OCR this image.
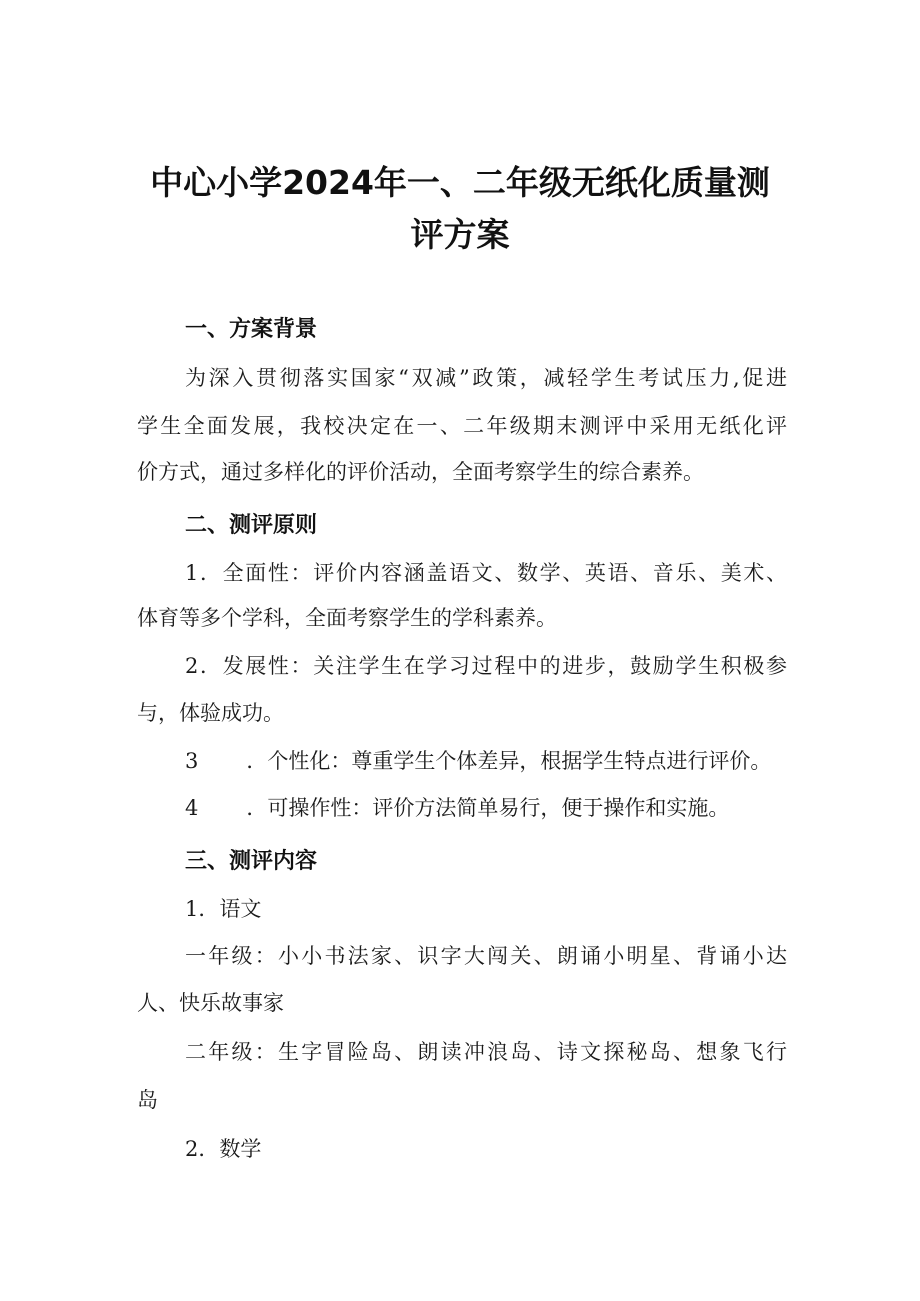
中心小学2024年一、二年级无纸化质量测
评方案
一、方案背景
为深入贯彻落实国家“双减”政策，减轻学生考试压力,促进
学生全面发展，我校决定在一、二年级期末测评中采用无纸化评
价方式，通过多样化的评价活动，全面考察学生的综合素养。
二、测评原则
1．全面性：评价内容涵盖语文、数学、英语、音乐、美术、
体育等多个学科，全面考察学生的学科素养。
2．发展性：关注学生在学习过程中的进步，鼓励学生积极参
与，体验成功。
3 ．个性化：尊重学生个体差异，根据学生特点进行评价。
4 ．可操作性：评价方法简单易行，便于操作和实施。
三、测评内容
1．语文
一年级：小小书法家、识字大闯关、朗诵小明星、背诵小达
人、快乐故事家
二年级：生字冒险岛、朗读冲浪岛、诗文探秘岛、想象飞行
岛
2．数学
